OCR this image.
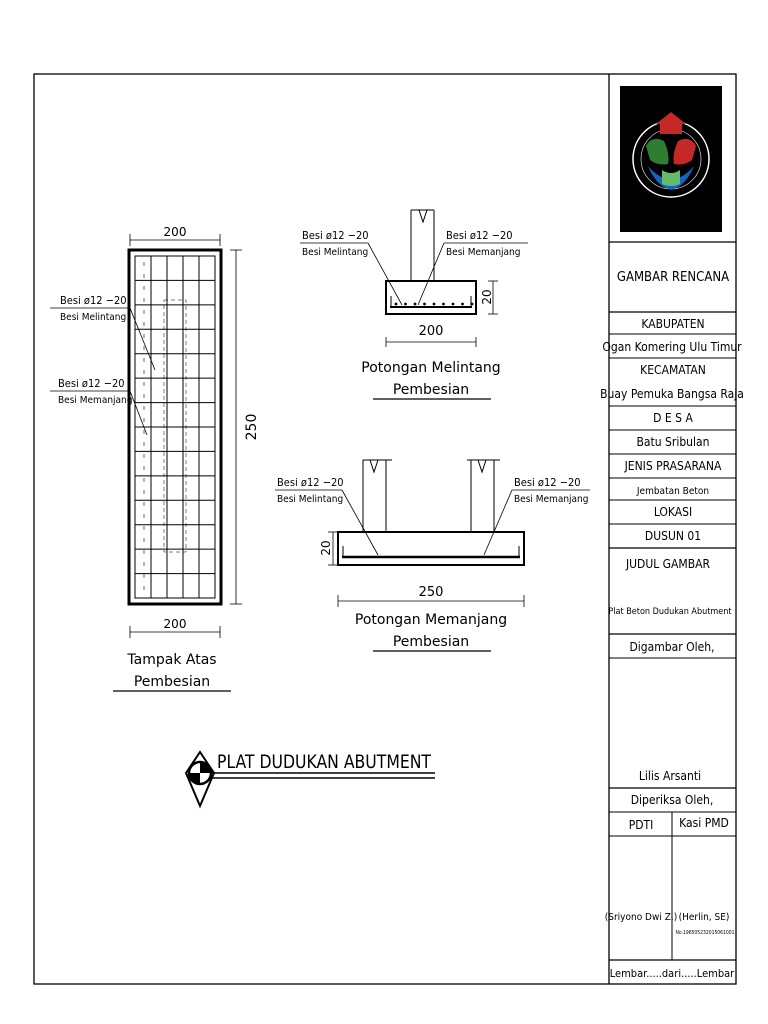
200
250
200
Besi ø12 −20
Besi Melintang
Besi ø12 −20
Besi Memanjang
Tampak Atas
Pembesian
20
200
Besi ø12 −20
Besi Melintang
Besi ø12 −20
Besi Memanjang
Potongan Melintang
Pembesian
20
250
Besi ø12 −20
Besi Melintang
Besi ø12 −20
Besi Memanjang
Potongan Memanjang
Pembesian
PLAT DUDUKAN ABUTMENT
GAMBAR RENCANA
KABUPATEN
Ogan Komering Ulu Timur
KECAMATAN
Buay Pemuka Bangsa Raja
D E S A
Batu Sribulan
JENIS PRASARANA
Jembatan Beton
LOKASI
DUSUN 01
JUDUL GAMBAR
Plat Beton Dudukan Abutment
Digambar Oleh,
Lilis Arsanti
Diperiksa Oleh,
PDTI Kasi PMD
(Sriyono Dwi Z.) (Herlin, SE)
No.196505232015061001
Lembar.....dari.....Lembar
